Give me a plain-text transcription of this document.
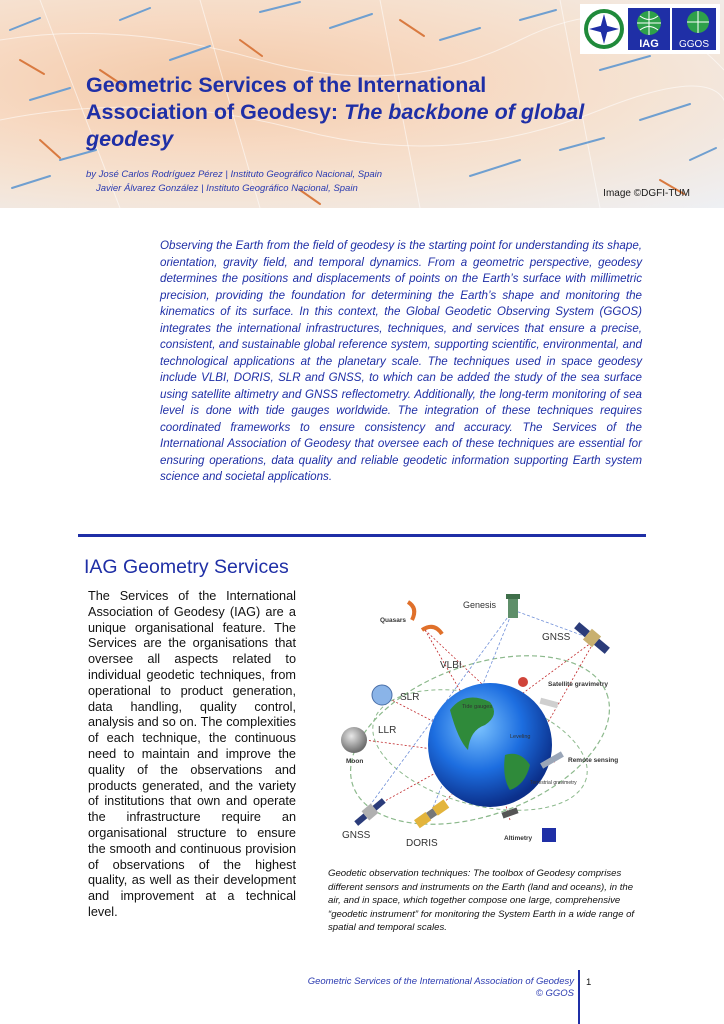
IAG GGOS
Geometric Services of the International Association of Geodesy: The backbone of global geodesy
by José Carlos Rodríguez Pérez | Instituto Geográfico Nacional, Spain
Javier Álvarez González | Instituto Geográfico Nacional, Spain	Image ©DGFI-TUM

Observing the Earth from the field of geodesy is the starting point for understanding its shape, orientation, gravity field, and temporal dynamics. From a geometric perspective, geodesy determines the positions and displacements of points on the Earth’s surface with millimetric precision, providing the foundation for determining the Earth’s shape and monitoring the kinematics of its surface. In this context, the Global Geodetic Observing System (GGOS) integrates the international infrastructures, techniques, and services that ensure a precise, consistent, and sustainable global reference system, supporting scientific, environmental, and technological applications at the planetary scale. The techniques used in space geodesy include VLBI, DORIS, SLR and GNSS, to which can be added the study of the sea surface using satellite altimetry and GNSS reflectometry. Additionally, the long-term monitoring of sea level is done with tide gauges worldwide. The integration of these techniques requires coordinated frameworks to ensure consistency and accuracy. The Services of the International Association of Geodesy that oversee each of these techniques are essential for ensuring operations, data quality and reliable geodetic information supporting Earth system science and societal applications.

IAG Geometry Services

The Services of the International Association of Geodesy (IAG) are a unique organisational feature. The Services are the organisations that oversee all aspects related to individual geodetic techniques, from operational to product generation, data handling, quality control, analysis and so on. The complexities of each technique, the continuous need to maintain and improve the quality of the observations and products generated, and the variety of institutions that own and operate the infrastructure require an organisational structure to ensure the smooth and continuous provision of observations of the highest quality, as well as their development and improvement at a technical level.

Genesis
Quasars
GNSS
VLBI
SLR
Satellite gravimetry
Tide gauges
LLR
Leveling
Moon	Remote sensing
Terrestrial gravimetry
GNSS
DORIS	Altimetry

Geodetic observation techniques: The toolbox of Geodesy comprises different sensors and instruments on the Earth (land and oceans), in the air, and in space, which together compose one large, comprehensive “geodetic instrument” for monitoring the System Earth in a wide range of spatial and temporal scales.

Geometric Services of the International Association of Geodesy
© GGOS
1
